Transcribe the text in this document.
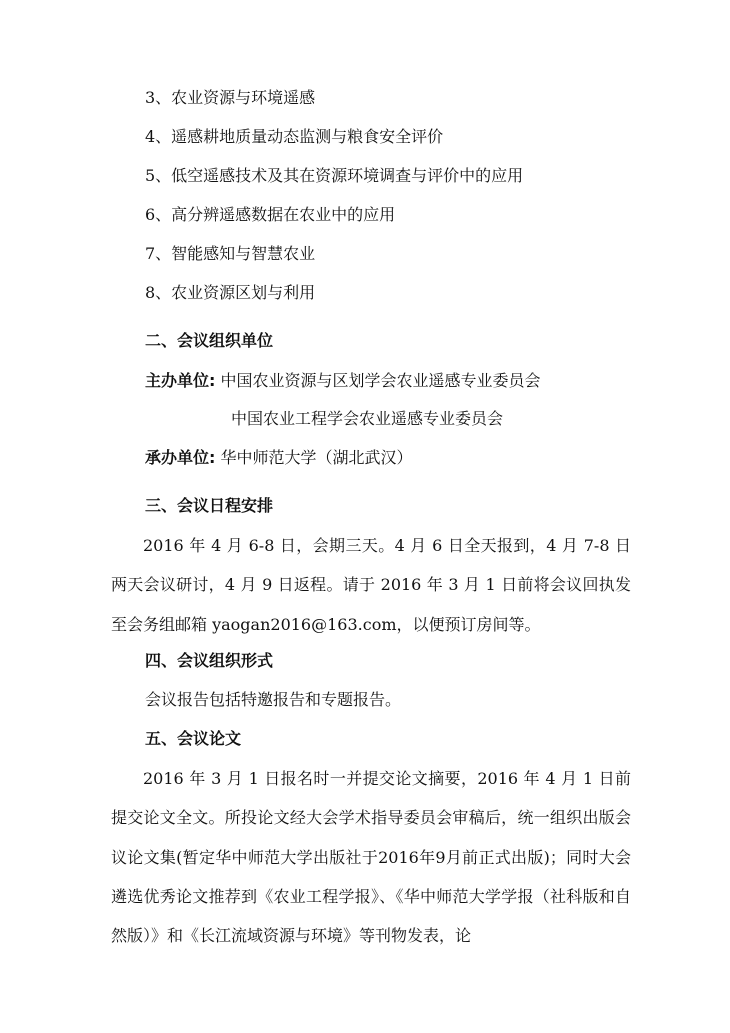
3、农业资源与环境遥感
4、遥感耕地质量动态监测与粮食安全评价
5、低空遥感技术及其在资源环境调查与评价中的应用
6、高分辨遥感数据在农业中的应用
7、智能感知与智慧农业
8、农业资源区划与利用
二、会议组织单位
主办单位: 中国农业资源与区划学会农业遥感专业委员会
中国农业工程学会农业遥感专业委员会
承办单位: 华中师范大学（湖北武汉）
三、会议日程安排

2016 年 4 月 6-8 日，会期三天。4 月 6 日全天报到，4 月 7-8 日两天会议研讨，4 月 9 日返程。请于 2016 年 3 月 1 日前将会议回执发至会务组邮箱 yaogan2016@163.com，以便预订房间等。

四、会议组织形式
会议报告包括特邀报告和专题报告。
五、会议论文

2016 年 3 月 1 日报名时一并提交论文摘要，2016 年 4 月 1 日前提交论文全文。所投论文经大会学术指导委员会审稿后，统一组织出版会议论文集(暂定华中师范大学出版社于2016年9月前正式出版)；同时大会遴选优秀论文推荐到《农业工程学报》、《华中师范大学学报（社科版和自然版）》和《长江流域资源与环境》等刊物发表，论
